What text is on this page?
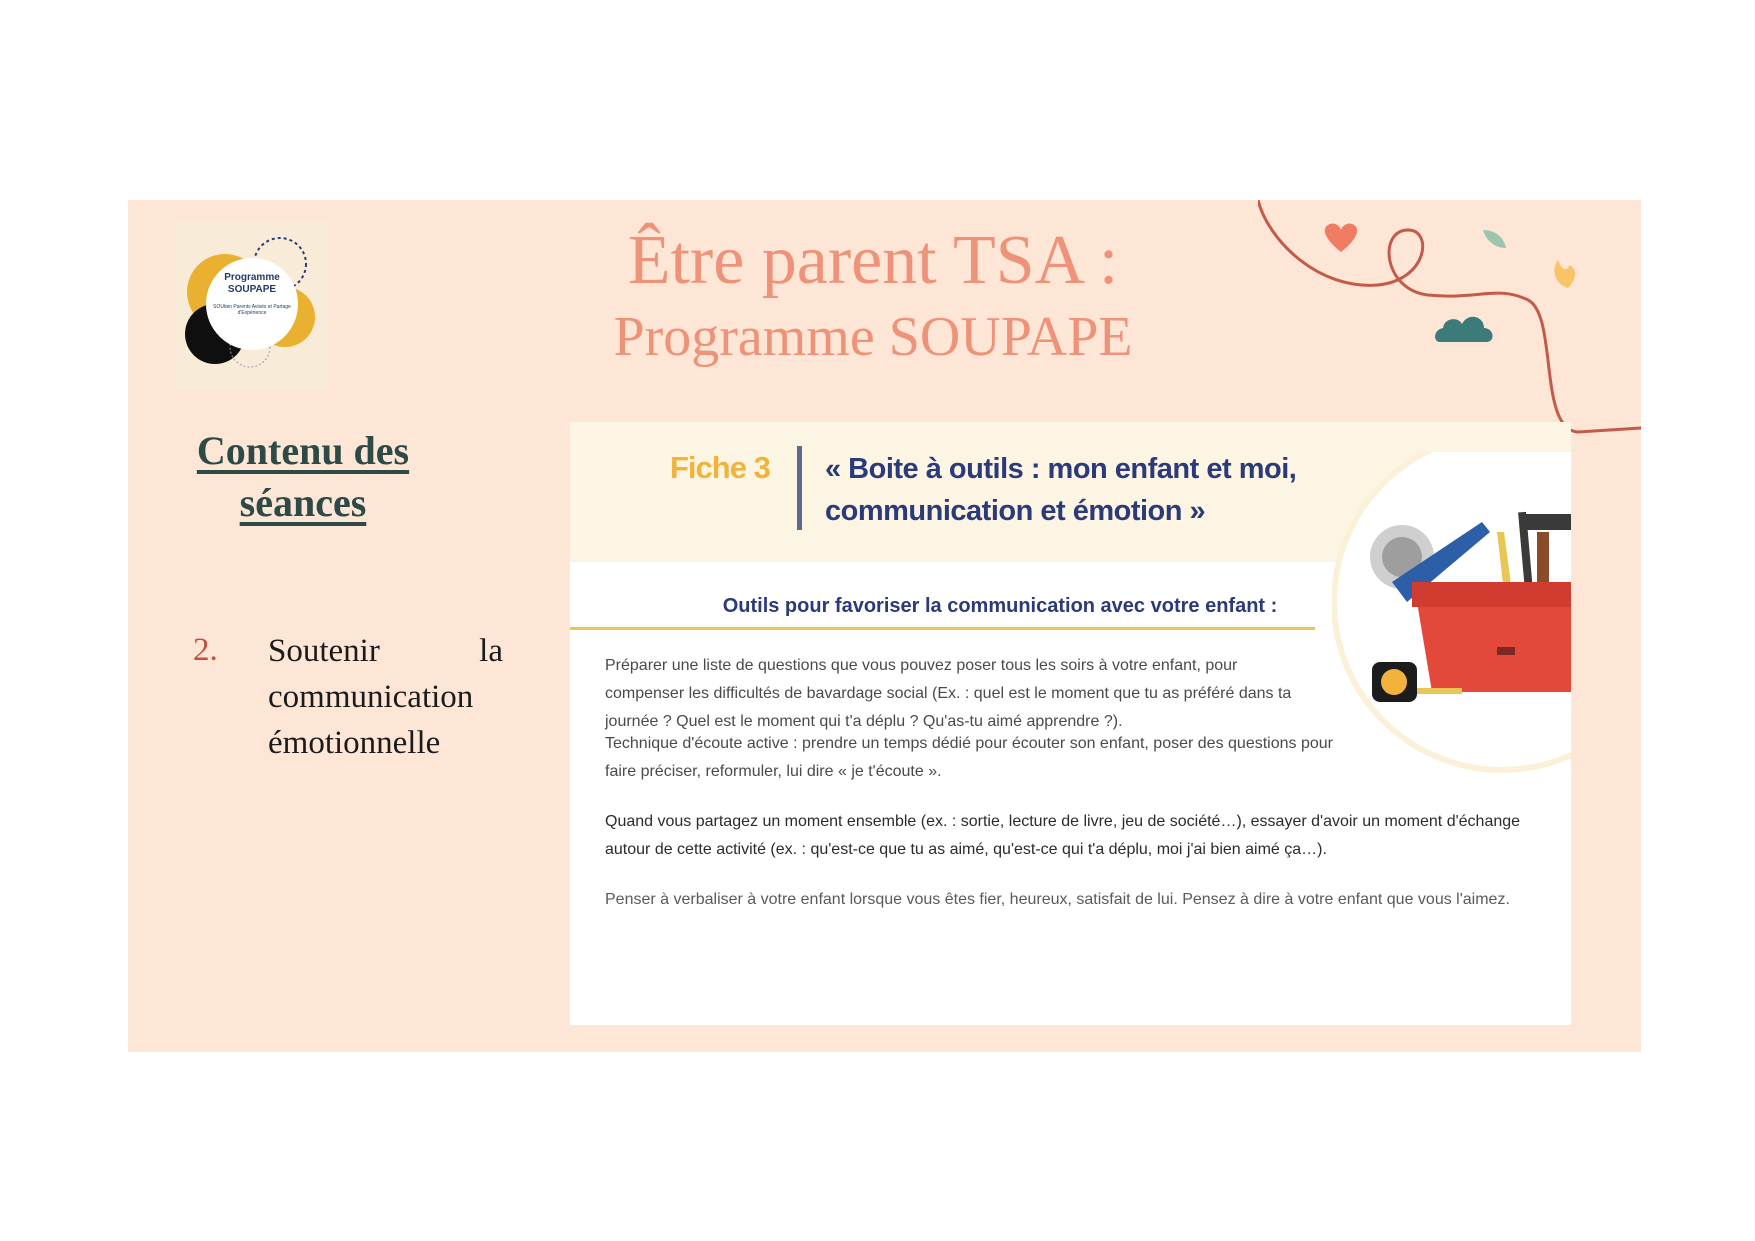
Programme
SOUPAPE
SOUtien Parents Avisés et Partage d'Expérience
Être parent TSA :
Programme SOUPAPE
Contenu des séances
2. Soutenir	la
communication
émotionnelle
Fiche 3 « Boite à outils : mon enfant et moi, communication et émotion »
Outils pour favoriser la communication avec votre enfant :
Préparer une liste de questions que vous pouvez poser tous les soirs à votre enfant, pour compenser les difficultés de bavardage social (Ex. : quel est le moment que tu as préféré dans ta journée ? Quel est le moment qui t'a déplu ? Qu'as-tu aimé apprendre ?).
Technique d'écoute active : prendre un temps dédié pour écouter son enfant, poser des questions pour faire préciser, reformuler, lui dire « je t'écoute ».
Quand vous partagez un moment ensemble (ex. : sortie, lecture de livre, jeu de société…), essayer d'avoir un moment d'échange autour de cette activité (ex. : qu'est-ce que tu as aimé, qu'est-ce qui t'a déplu, moi j'ai bien aimé ça…).
Penser à verbaliser à votre enfant lorsque vous êtes fier, heureux, satisfait de lui. Pensez à dire à votre enfant que vous l'aimez.
